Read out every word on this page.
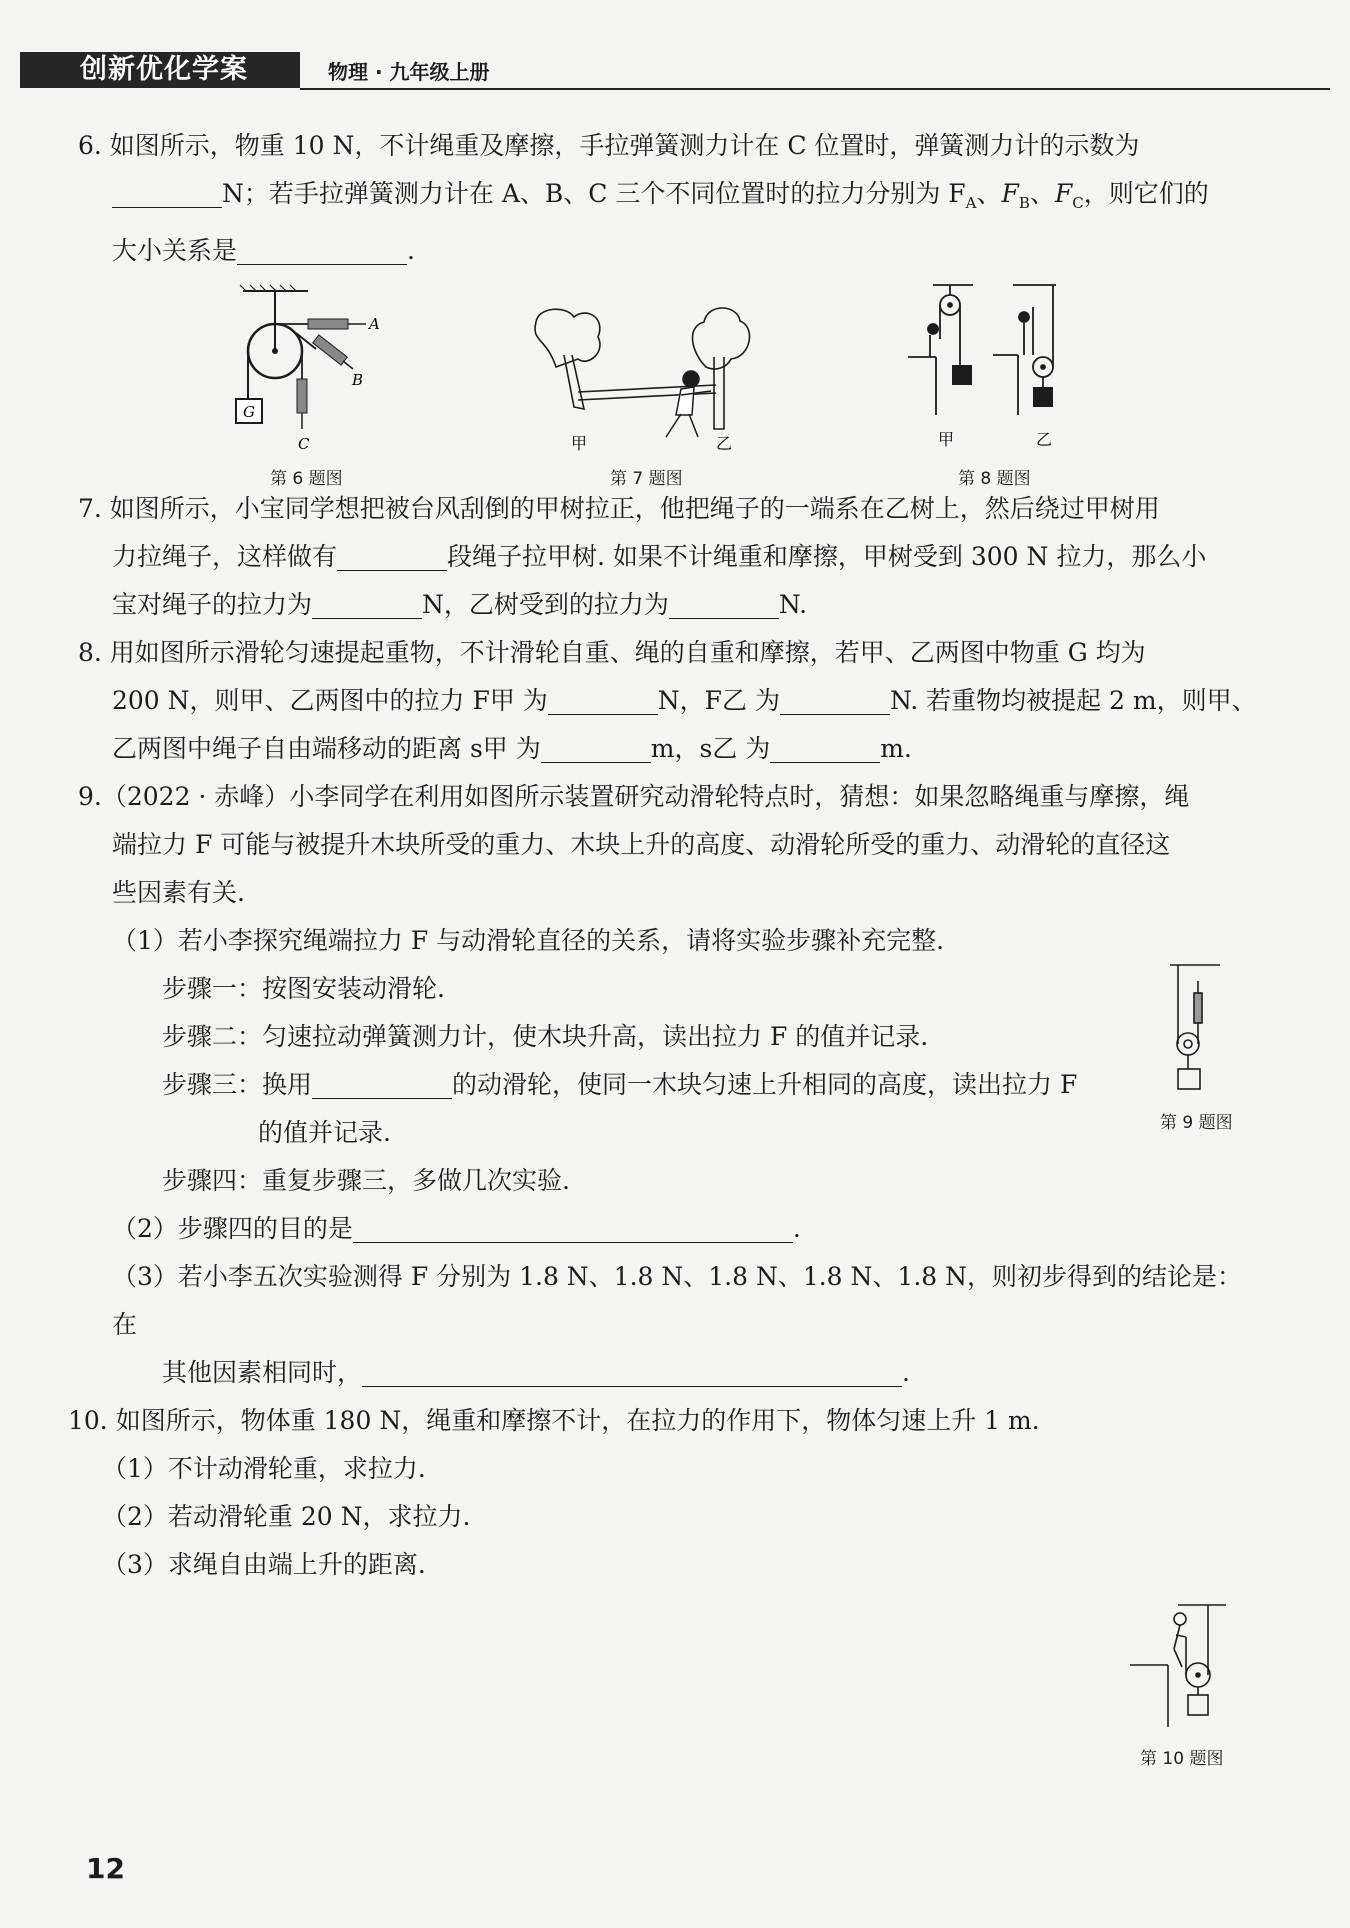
创新优化学案	物理 · 九年级上册

6. 如图所示，物重 10 N，不计绳重及摩擦，手拉弹簧测力计在 C 位置时，弹簧测力计的示数为

N；若手拉弹簧测力计在 A、B、C 三个不同位置时的拉力分别为 $F_A$、$F_B$、$F_C$，则它们的

大小关系是	.

G
A
B
C
第 6 题图
甲	乙
第 7 题图
甲	乙
第 8 题图

7. 如图所示，小宝同学想把被台风刮倒的甲树拉正，他把绳子的一端系在乙树上，然后绕过甲树用

力拉绳子，这样做有	段绳子拉甲树. 如果不计绳重和摩擦，甲树受到 300 N 拉力，那么小

宝对绳子的拉力为	N，乙树受到的拉力为	N.

8. 用如图所示滑轮匀速提起重物，不计滑轮自重、绳的自重和摩擦，若甲、乙两图中物重 G 均为

200 N，则甲、乙两图中的拉力 F甲 为	N，F乙 为	N. 若重物均被提起 2 m，则甲、

乙两图中绳子自由端移动的距离 s甲 为	m，s乙 为	m.

9.（2022 · 赤峰）小李同学在利用如图所示装置研究动滑轮特点时，猜想：如果忽略绳重与摩擦，绳

端拉力 F 可能与被提升木块所受的重力、木块上升的高度、动滑轮所受的重力、动滑轮的直径这

些因素有关.

（1）若小李探究绳端拉力 F 与动滑轮直径的关系，请将实验步骤补充完整.

步骤一：按图安装动滑轮.

步骤二：匀速拉动弹簧测力计，使木块升高，读出拉力 F 的值并记录.

步骤三：换用	的动滑轮，使同一木块匀速上升相同的高度，读出拉力 F

的值并记录.

步骤四：重复步骤三，多做几次实验.

（2）步骤四的目的是	.

（3）若小李五次实验测得 F 分别为 1.8 N、1.8 N、1.8 N、1.8 N、1.8 N，则初步得到的结论是：在

其他因素相同时，	.

第 9 题图

10. 如图所示，物体重 180 N，绳重和摩擦不计，在拉力的作用下，物体匀速上升 1 m.

（1）不计动滑轮重，求拉力.

（2）若动滑轮重 20 N，求拉力.

（3）求绳自由端上升的距离.

第 10 题图
12
